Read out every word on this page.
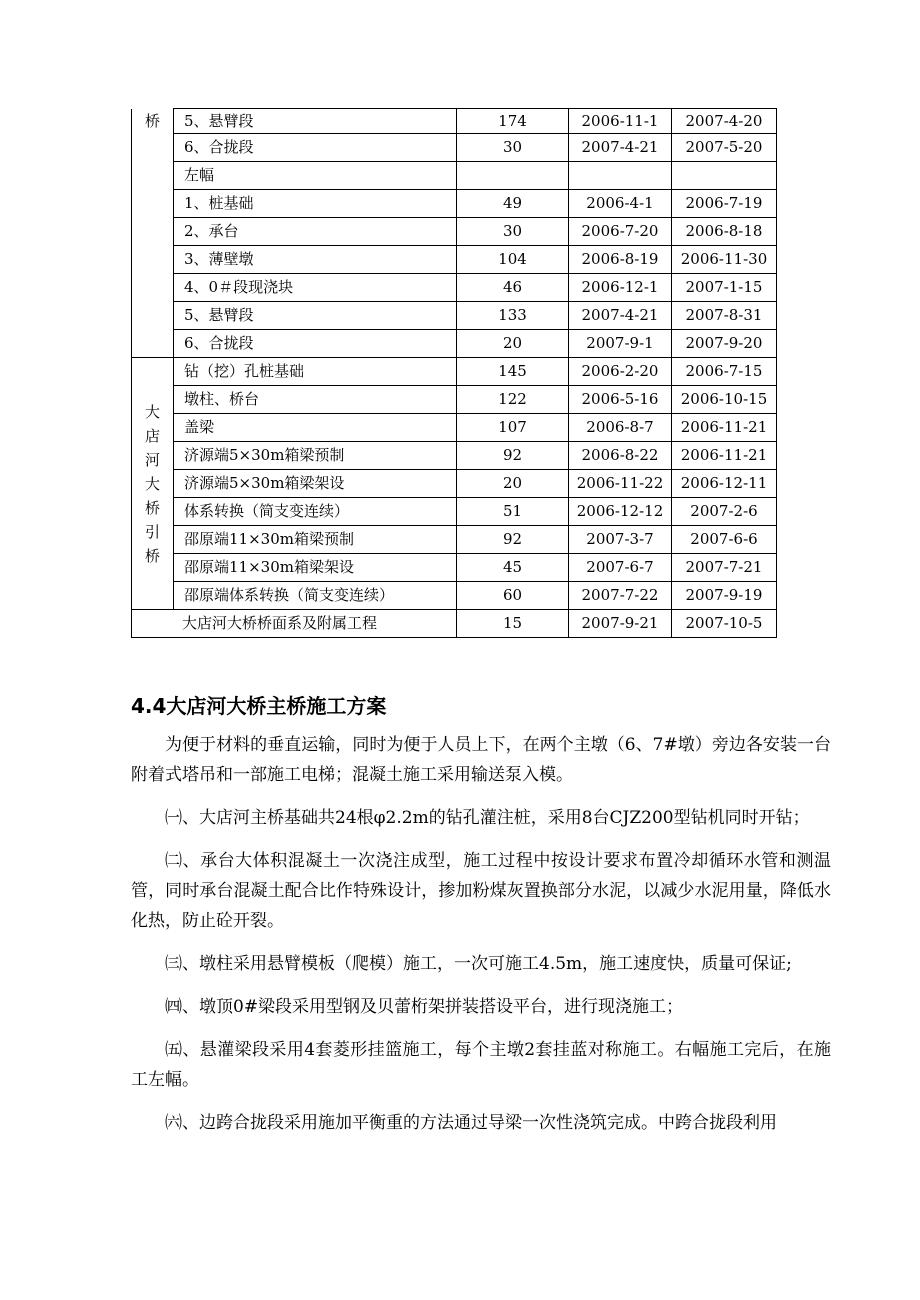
桥	5、悬臂段	174	2006-11-1	2007-4-20
	6、合拢段	30	2007-4-21	2007-5-20
	左幅			
	1、桩基础	49	2006-4-1	2006-7-19
	2、承台	30	2006-7-20	2006-8-18
	3、薄壁墩	104	2006-8-19	2006-11-30
	4、0＃段现浇块	46	2006-12-1	2007-1-15
	5、悬臂段	133	2007-4-21	2007-8-31
	6、合拢段	20	2007-9-1	2007-9-20

大店河大桥引桥	钻（挖）孔桩基础	145	2006-2-20	2006-7-15
	墩柱、桥台	122	2006-5-16	2006-10-15
	盖梁	107	2006-8-7	2006-11-21
	济源端5×30m箱梁预制	92	2006-8-22	2006-11-21
	济源端5×30m箱梁架设	20	2006-11-22	2006-12-11
	体系转换（简支变连续）	51	2006-12-12	2007-2-6
	邵原端11×30m箱梁预制	92	2007-3-7	2007-6-6
	邵原端11×30m箱梁架设	45	2007-6-7	2007-7-21
	邵原端体系转换（简支变连续）	60	2007-7-22	2007-9-19
大店河大桥桥面系及附属工程		15	2007-9-21	2007-10-5
4.4大店河大桥主桥施工方案

为便于材料的垂直运输，同时为便于人员上下，在两个主墩（6、7#墩）旁边各安装一台附着式塔吊和一部施工电梯；混凝土施工采用输送泵入模。

㈠、大店河主桥基础共24根φ2.2m的钻孔灌注桩，采用8台CJZ200型钻机同时开钻；

㈡、承台大体积混凝土一次浇注成型，施工过程中按设计要求布置冷却循环水管和测温管，同时承台混凝土配合比作特殊设计，掺加粉煤灰置换部分水泥，以减少水泥用量，降低水化热，防止砼开裂。

㈢、墩柱采用悬臂模板（爬模）施工，一次可施工4.5m，施工速度快，质量可保证;

㈣、墩顶0#梁段采用型钢及贝蕾桁架拼装搭设平台，进行现浇施工；

㈤、悬灌梁段采用4套菱形挂篮施工，每个主墩2套挂蓝对称施工。右幅施工完后，在施工左幅。

㈥、边跨合拢段采用施加平衡重的方法通过导梁一次性浇筑完成。中跨合拢段利用
